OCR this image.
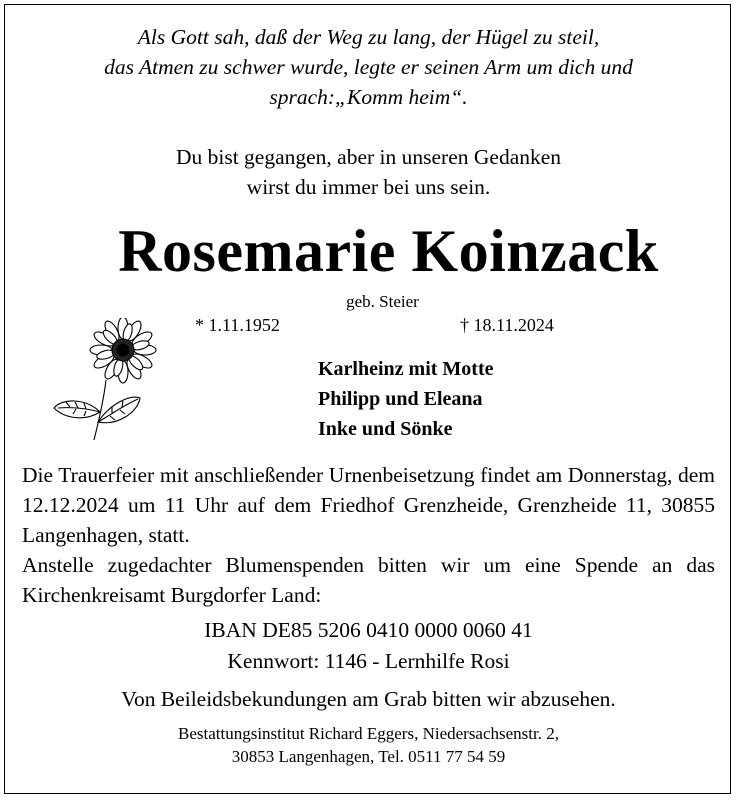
Als Gott sah, daß der Weg zu lang, der Hügel zu steil,
das Atmen zu schwer wurde, legte er seinen Arm um dich und
sprach:„Komm heim“.
Du bist gegangen, aber in unseren Gedanken
wirst du immer bei uns sein.
Rosemarie Koinzack
geb. Steier
* 1.11.1952	† 18.11.2024
Karlheinz mit Motte
Philipp und Eleana
Inke und Sönke

Die Trauerfeier mit anschließender Urnenbeisetzung findet am Donnerstag, dem 12.12.2024 um 11 Uhr auf dem Friedhof Grenzheide, Grenzheide 11, 30855 Langenhagen, statt.

Anstelle zugedachter Blumenspenden bitten wir um eine Spende an das Kirchenkreisamt Burgdorfer Land:

IBAN DE85 5206 0410 0000 0060 41
Kennwort: 1146 - Lernhilfe Rosi
Von Beileidsbekundungen am Grab bitten wir abzusehen.
Bestattungsinstitut Richard Eggers, Niedersachsenstr. 2,
30853 Langenhagen, Tel. 0511 77 54 59
